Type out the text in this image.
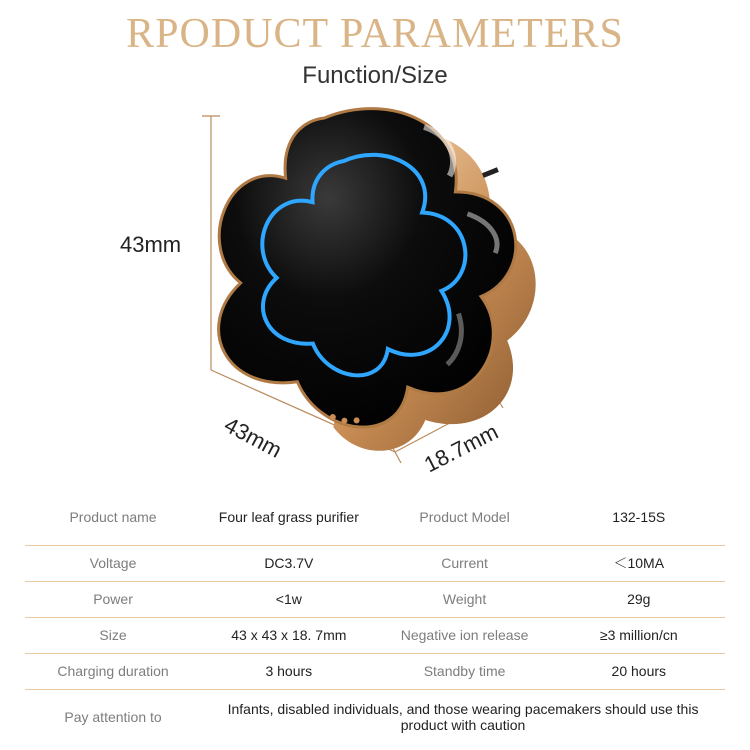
RPODUCT PARAMETERS
Function/Size
43mm
43mm	18.7mm
Product name	Four leaf grass purifier	Product Model	132-15S
Voltage	DC3.7V	Current	＜10MA
Power	<1w	Weight	29g
Size	43 x 43 x 18. 7mm	Negative ion release	≥3 million/cn
Charging duration	3 hours	Standby time	20 hours
Pay attention to	Infants, disabled individuals, and those wearing pacemakers should use this product with caution		
